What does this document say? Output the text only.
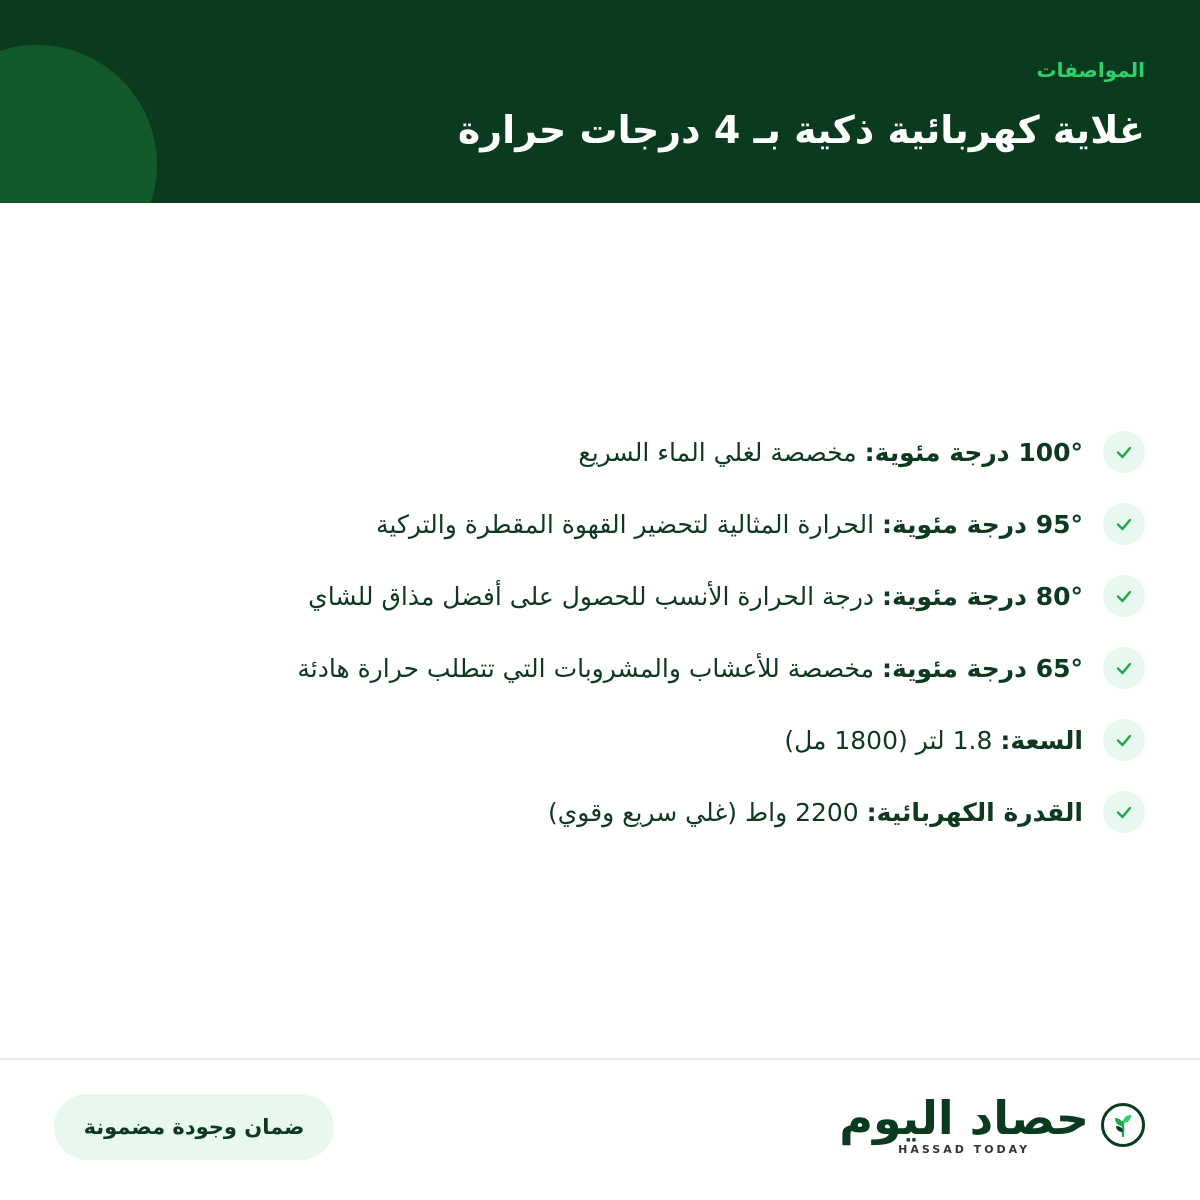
المواصفات
غلاية كهربائية ذكية بـ 4 درجات حرارة
100° درجة مئوية: مخصصة لغلي الماء السريع
95° درجة مئوية: الحرارة المثالية لتحضير القهوة المقطرة والتركية
80° درجة مئوية: درجة الحرارة الأنسب للحصول على أفضل مذاق للشاي
65° درجة مئوية: مخصصة للأعشاب والمشروبات التي تتطلب حرارة هادئة
السعة: 1.8 لتر (1800 مل)
القدرة الكهربائية: 2200 واط (غلي سريع وقوي)
حصاد اليوم
HASSAD TODAY
ضمان وجودة مضمونة
